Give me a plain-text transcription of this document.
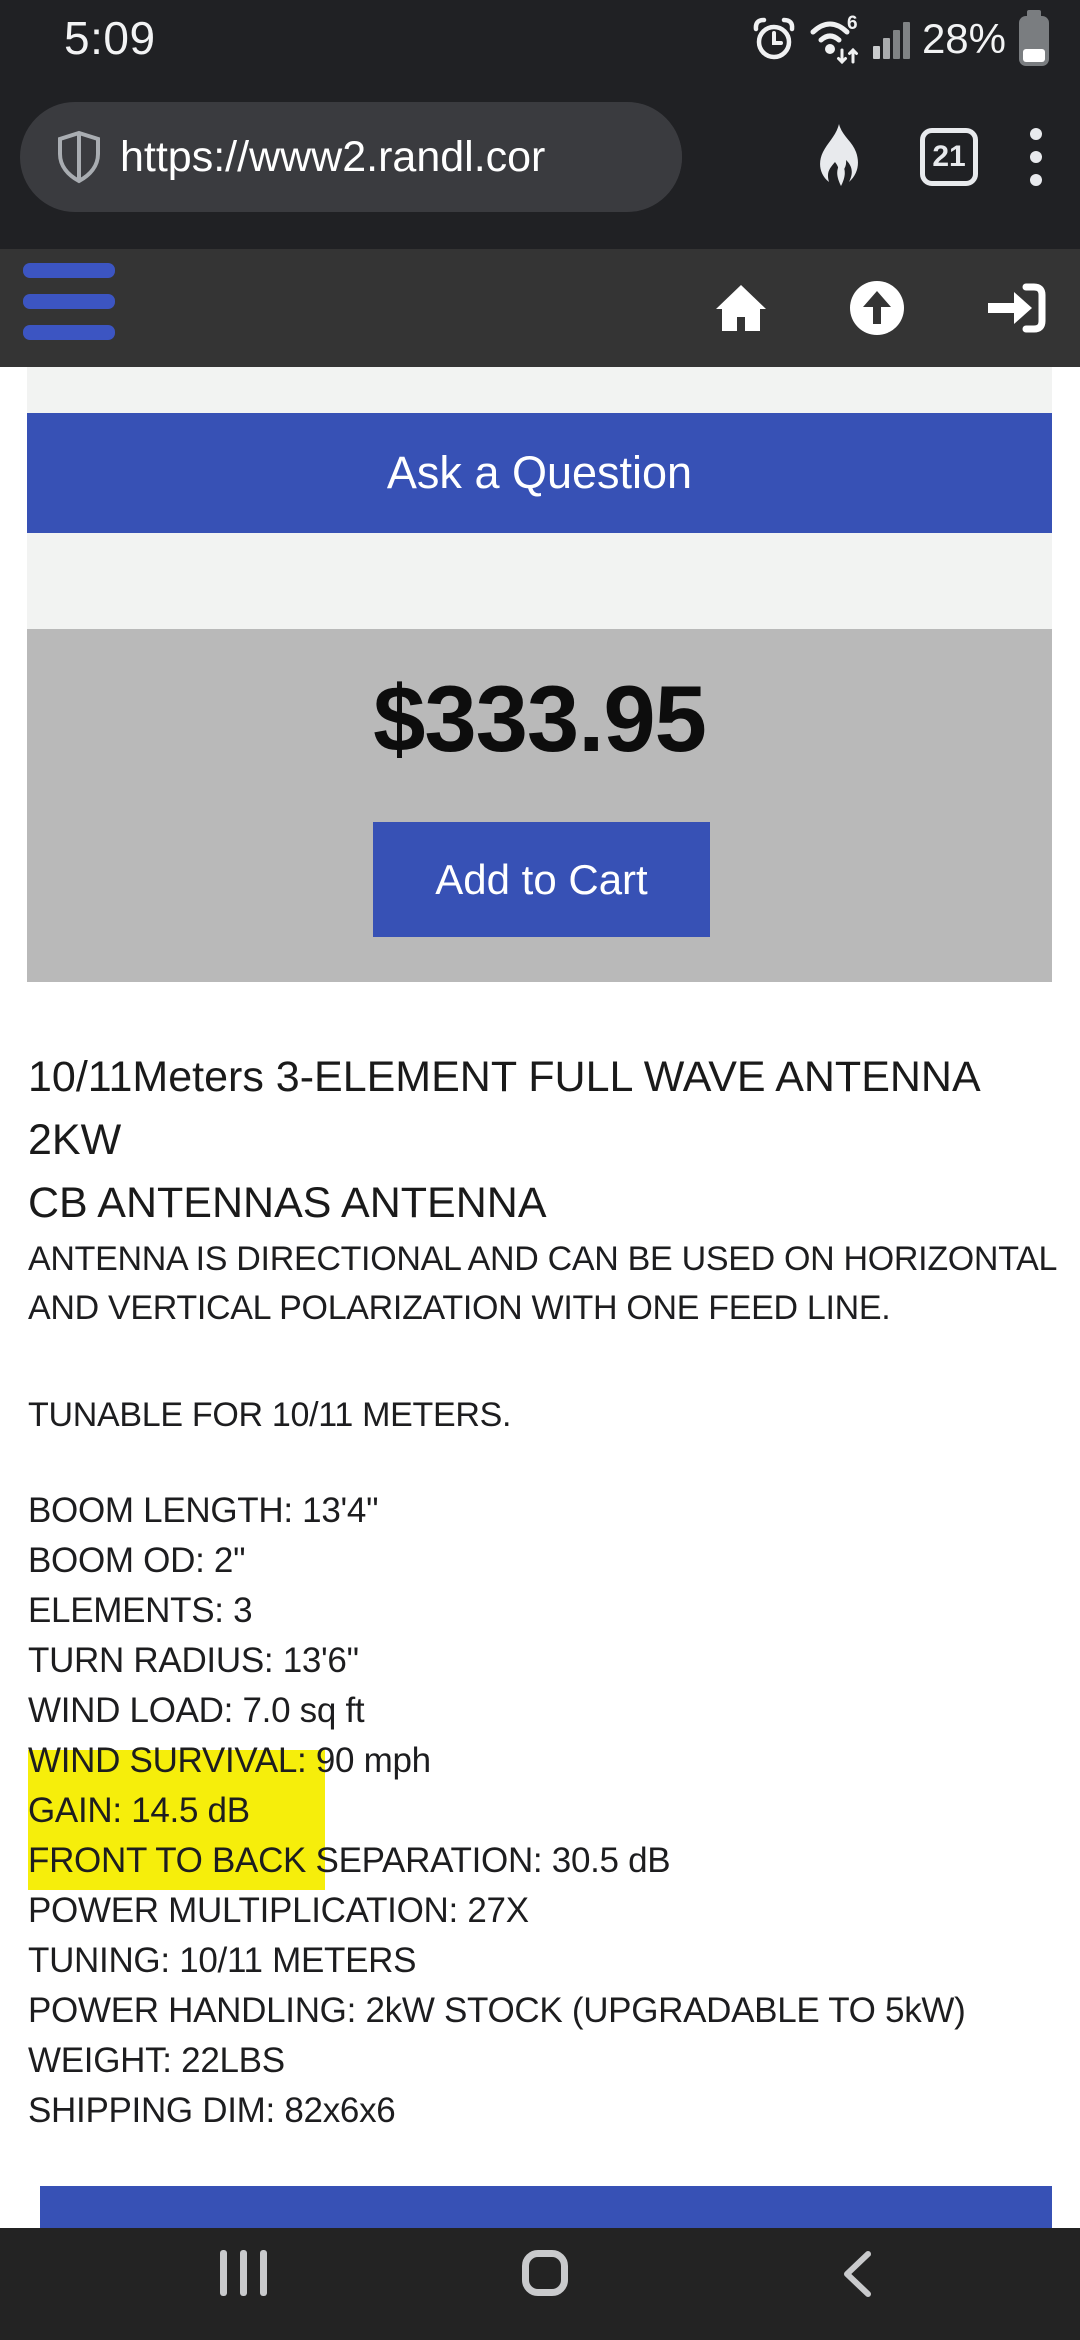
5:09	6 28%
https://www2.randl.cor	21
Ask a Question
$333.95
Add to Cart
10/11Meters 3-ELEMENT FULL WAVE ANTENNA 2KW
CB ANTENNAS ANTENNA
ANTENNA IS DIRECTIONAL AND CAN BE USED ON HORIZONTAL AND VERTICAL POLARIZATION WITH ONE FEED LINE.
TUNABLE FOR 10/11 METERS.
BOOM LENGTH: 13'4"
BOOM OD: 2"
ELEMENTS: 3
TURN RADIUS: 13'6"
WIND LOAD: 7.0 sq ft
WIND SURVIVAL: 90 mph
GAIN: 14.5 dB
FRONT TO BACK SEPARATION: 30.5 dB
POWER MULTIPLICATION: 27X
TUNING: 10/11 METERS
POWER HANDLING: 2kW STOCK (UPGRADABLE TO 5kW)
WEIGHT: 22LBS
SHIPPING DIM: 82x6x6
